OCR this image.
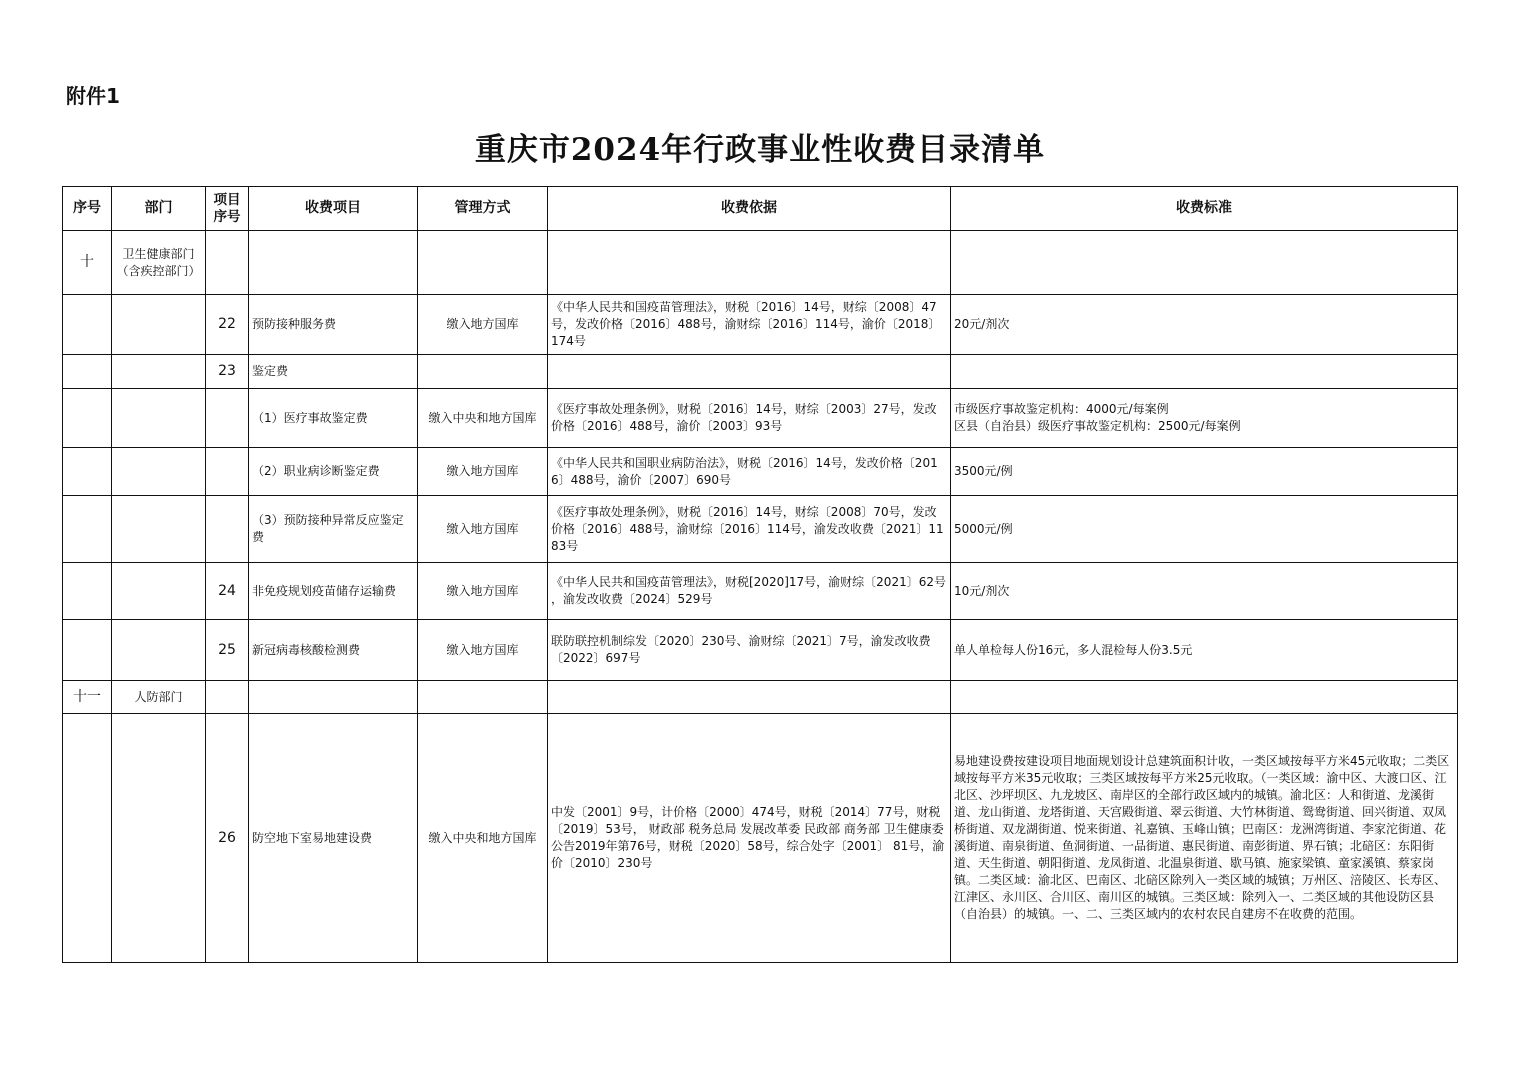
附件1
重庆市2024年行政事业性收费目录清单
序号	部门	项目序号	收费项目	管理方式	收费依据	收费标准
十	卫生健康部门（含疾控部门）					
		22	预防接种服务费	缴入地方国库	《中华人民共和国疫苗管理法》，财税〔2016〕14号，财综〔2008〕47号，发改价格〔2016〕488号，渝财综〔2016〕114号，渝价〔2018〕174号	20元/剂次
		23	鉴定费			
			（1）医疗事故鉴定费	缴入中央和地方国库	《医疗事故处理条例》，财税〔2016〕14号，财综〔2003〕27号，发改价格〔2016〕488号，渝价〔2003〕93号	市级医疗事故鉴定机构：4000元/每案例
区县（自治县）级医疗事故鉴定机构：2500元/每案例
			（2）职业病诊断鉴定费	缴入地方国库	《中华人民共和国职业病防治法》，财税〔2016〕14号，发改价格〔2016〕488号，渝价〔2007〕690号	3500元/例
			（3）预防接种异常反应鉴定费	缴入地方国库	《医疗事故处理条例》，财税〔2016〕14号，财综〔2008〕70号，发改价格〔2016〕488号，渝财综〔2016〕114号，渝发改收费〔2021〕1183号	5000元/例
		24	非免疫规划疫苗储存运输费	缴入地方国库	《中华人民共和国疫苗管理法》，财税[2020]17号，渝财综〔2021〕62号 ，渝发改收费〔2024〕529号	10元/剂次
		25	新冠病毒核酸检测费	缴入地方国库	联防联控机制综发〔2020〕230号、渝财综〔2021〕7号，渝发改收费〔2022〕697号	单人单检每人份16元，多人混检每人份3.5元
十一	人防部门					
		26	防空地下室易地建设费	缴入中央和地方国库	中发〔2001〕9号，计价格〔2000〕474号，财税〔2014〕77号，财税〔2019〕53号， 财政部 税务总局 发展改革委 民政部 商务部 卫生健康委公告2019年第76号，财税〔2020〕58号，综合处字〔2001〕 81号，渝价〔2010〕230号	易地建设费按建设项目地面规划设计总建筑面积计收，一类区域按每平方米45元收取；二类区域按每平方米35元收取；三类区域按每平方米25元收取。（一类区域：渝中区、大渡口区、江北区、沙坪坝区、九龙坡区、南岸区的全部行政区域内的城镇。渝北区：人和街道、龙溪街道、龙山街道、龙塔街道、天宫殿街道、翠云街道、大竹林街道、鸳鸯街道、回兴街道、双凤桥街道、双龙湖街道、悦来街道、礼嘉镇、玉峰山镇；巴南区：龙洲湾街道、李家沱街道、花溪街道、南泉街道、鱼洞街道、一品街道、惠民街道、南彭街道、界石镇；北碚区：东阳街道、天生街道、朝阳街道、龙凤街道、北温泉街道、歇马镇、施家梁镇、童家溪镇、蔡家岗镇。二类区域：渝北区、巴南区、北碚区除列入一类区域的城镇；万州区、涪陵区、长寿区、江津区、永川区、合川区、南川区的城镇。三类区域：除列入一、二类区域的其他设防区县（自治县）的城镇。一、二、三类区域内的农村农民自建房不在收费的范围。
